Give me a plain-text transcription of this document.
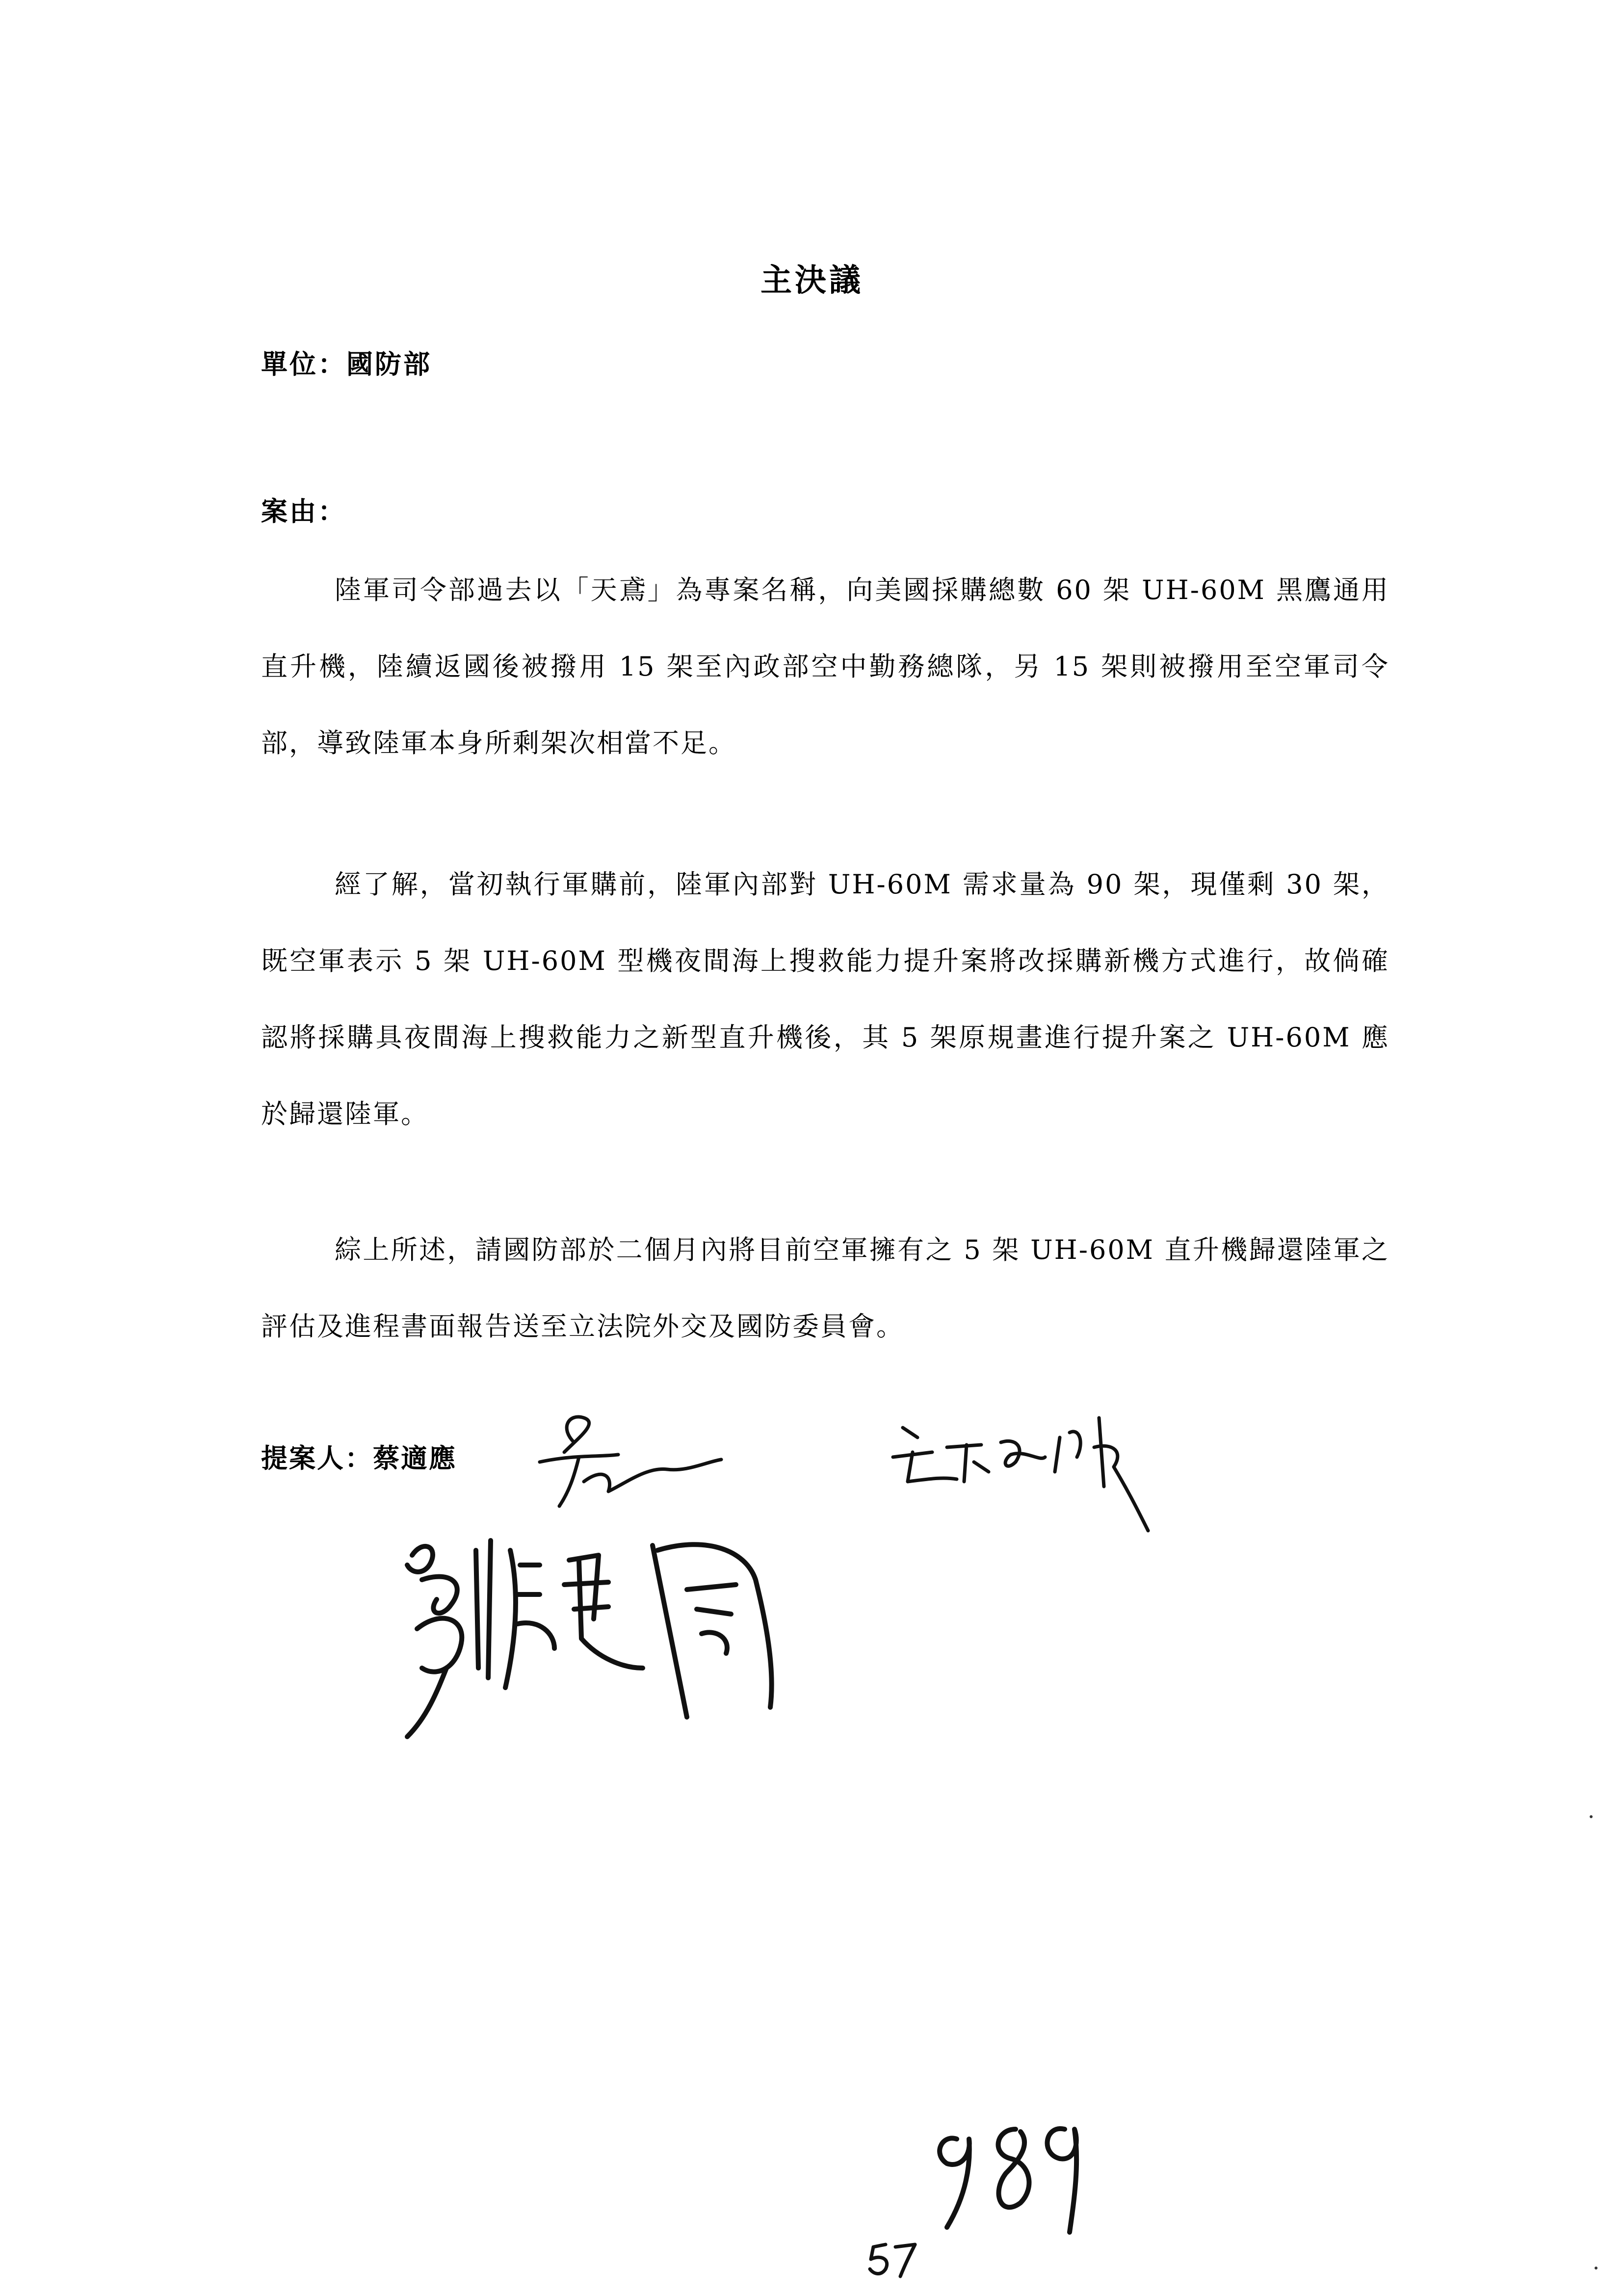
主決議
單位：國防部
案由：
陸軍司令部過去以「天鳶」為專案名稱，向美國採購總數 60 架 UH-60M 黑鷹通用直升機，陸續返國後被撥用 15 架至內政部空中勤務總隊，另 15 架則被撥用至空軍司令部，導致陸軍本身所剩架次相當不足。
經了解，當初執行軍購前，陸軍內部對 UH-60M 需求量為 90 架，現僅剩 30 架，既空軍表示 5 架 UH-60M 型機夜間海上搜救能力提升案將改採購新機方式進行，故倘確認將採購具夜間海上搜救能力之新型直升機後，其 5 架原規畫進行提升案之 UH-60M 應於歸還陸軍。
綜上所述，請國防部於二個月內將目前空軍擁有之 5 架 UH-60M 直升機歸還陸軍之評估及進程書面報告送至立法院外交及國防委員會。
提案人：蔡適應
